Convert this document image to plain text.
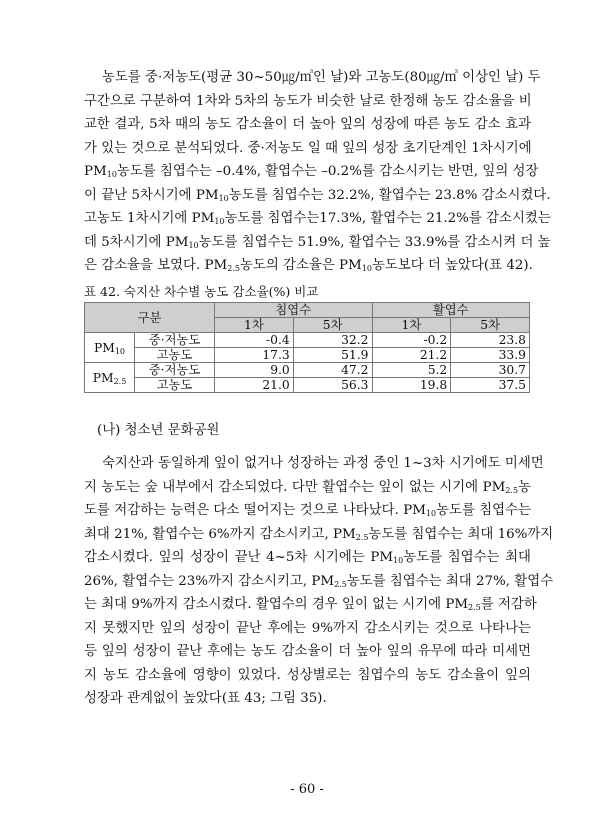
농도를 중·저농도(평균 30~50㎍/㎥인 날)와 고농도(80㎍/㎥ 이상인 날) 두
구간으로 구분하여 1차와 5차의 농도가 비슷한 날로 한정해 농도 감소율을 비
교한 결과, 5차 때의 농도 감소율이 더 높아 잎의 성장에 따른 농도 감소 효과
가 있는 것으로 분석되었다. 중·저농도 일 때 잎의 성장 초기단계인 1차시기에
$PM_{10}$농도를 침엽수는 –0.4%, 활엽수는 –0.2%를 감소시키는 반면, 잎의 성장
이 끝난 5차시기에 $PM_{10}$농도를 침엽수는 32.2%, 활엽수는 23.8% 감소시켰다.
고농도 1차시기에 $PM_{10}$농도를 침엽수는17.3%, 활엽수는 21.2%를 감소시켰는
데 5차시기에 $PM_{10}$농도를 침엽수는 51.9%, 활엽수는 33.9%를 감소시켜 더 높
은 감소율을 보였다. $PM_{2.5}$농도의 감소율은 $PM_{10}$농도보다 더 높았다(표 42).
표 42. 숙지산 차수별 농도 감소율(%) 비교
구분		침엽수		활엽수	
		1차	5차	1차	5차
$PM_{10}$	중·저농도	-0.4	32.2	-0.2	23.8
	고농도	17.3	51.9	21.2	33.9
$PM_{2.5}$	중·저농도	9.0	47.2	5.2	30.7
	고농도	21.0	56.3	19.8	37.5
(나) 청소년 문화공원
숙지산과 동일하게 잎이 없거나 성장하는 과정 중인 1~3차 시기에도 미세먼
지 농도는 숲 내부에서 감소되었다. 다만 활엽수는 잎이 없는 시기에 $PM_{2.5}$농
도를 저감하는 능력은 다소 떨어지는 것으로 나타났다. $PM_{10}$농도를 침엽수는
최대 21%, 활엽수는 6%까지 감소시키고, $PM_{2.5}$농도를 침엽수는 최대 16%까지
감소시켰다. 잎의 성장이 끝난 4~5차 시기에는 $PM_{10}$농도를 침엽수는 최대
26%, 활엽수는 23%까지 감소시키고, $PM_{2.5}$농도를 침엽수는 최대 27%, 활엽수
는 최대 9%까지 감소시켰다. 활엽수의 경우 잎이 없는 시기에 $PM_{2.5}$를 저감하
지 못했지만 잎의 성장이 끝난 후에는 9%까지 감소시키는 것으로 나타나는
등 잎의 성장이 끝난 후에는 농도 감소율이 더 높아 잎의 유무에 따라 미세먼
지 농도 감소율에 영향이 있었다. 성상별로는 침엽수의 농도 감소율이 잎의
성장과 관계없이 높았다(표 43; 그림 35).
- 60 -
